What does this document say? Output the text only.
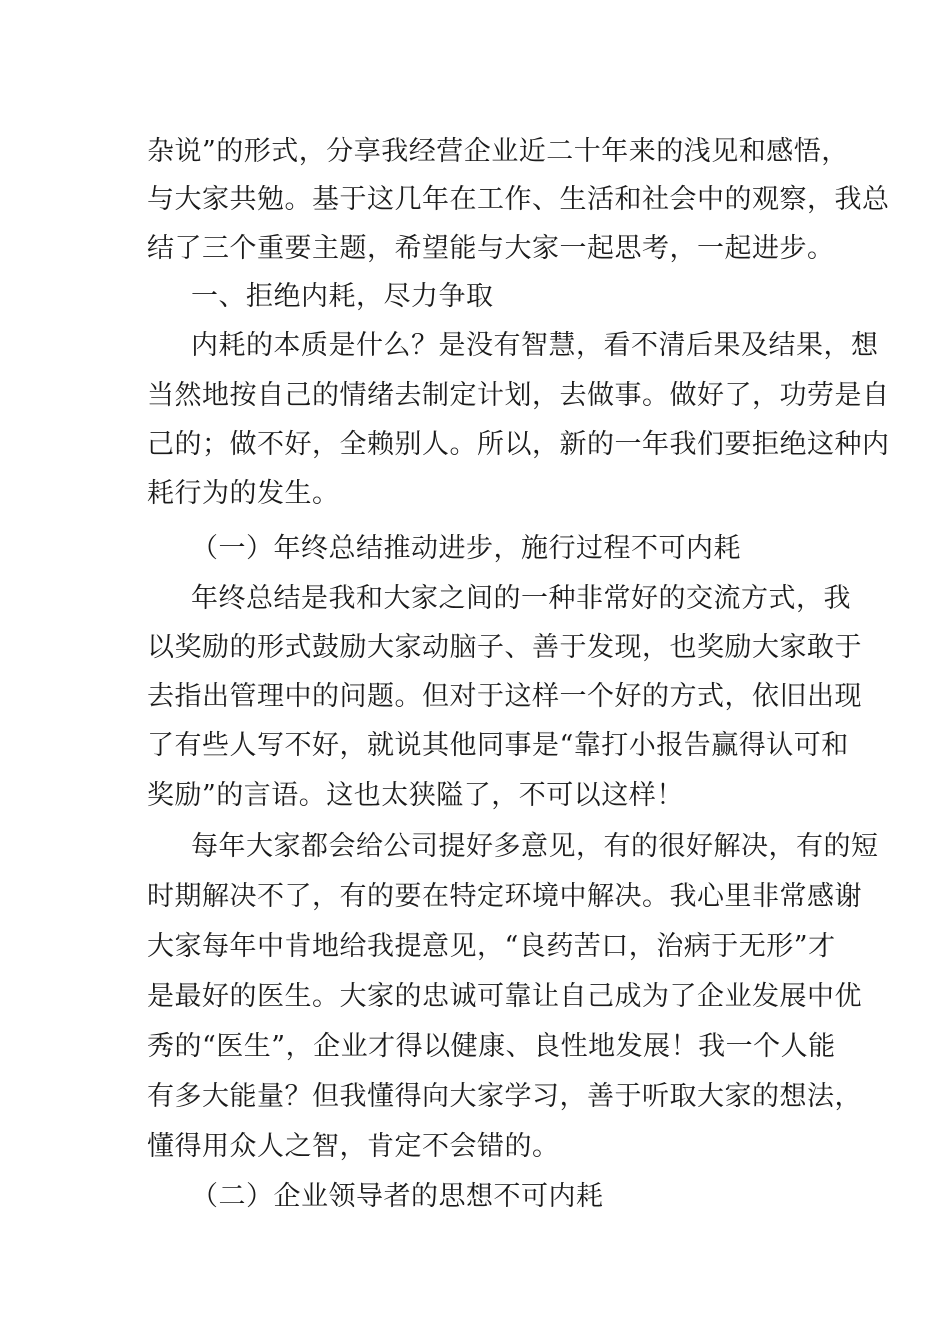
杂说”的形式，分享我经营企业近二十年来的浅见和感悟，
与大家共勉。基于这几年在工作、生活和社会中的观察，我总
结了三个重要主题，希望能与大家一起思考，一起进步。
一、拒绝内耗，尽力争取
内耗的本质是什么？是没有智慧，看不清后果及结果，想
当然地按自己的情绪去制定计划，去做事。做好了，功劳是自
己的；做不好，全赖别人。所以，新的一年我们要拒绝这种内
耗行为的发生。
（一）年终总结推动进步，施行过程不可内耗
年终总结是我和大家之间的一种非常好的交流方式，我
以奖励的形式鼓励大家动脑子、善于发现，也奖励大家敢于
去指出管理中的问题。但对于这样一个好的方式，依旧出现
了有些人写不好，就说其他同事是“靠打小报告赢得认可和
奖励”的言语。这也太狭隘了，不可以这样！
每年大家都会给公司提好多意见，有的很好解决，有的短
时期解决不了，有的要在特定环境中解决。我心里非常感谢
大家每年中肯地给我提意见，“良药苦口，治病于无形”才
是最好的医生。大家的忠诚可靠让自己成为了企业发展中优
秀的“医生”，企业才得以健康、良性地发展！我一个人能
有多大能量？但我懂得向大家学习，善于听取大家的想法，
懂得用众人之智，肯定不会错的。
（二）企业领导者的思想不可内耗
